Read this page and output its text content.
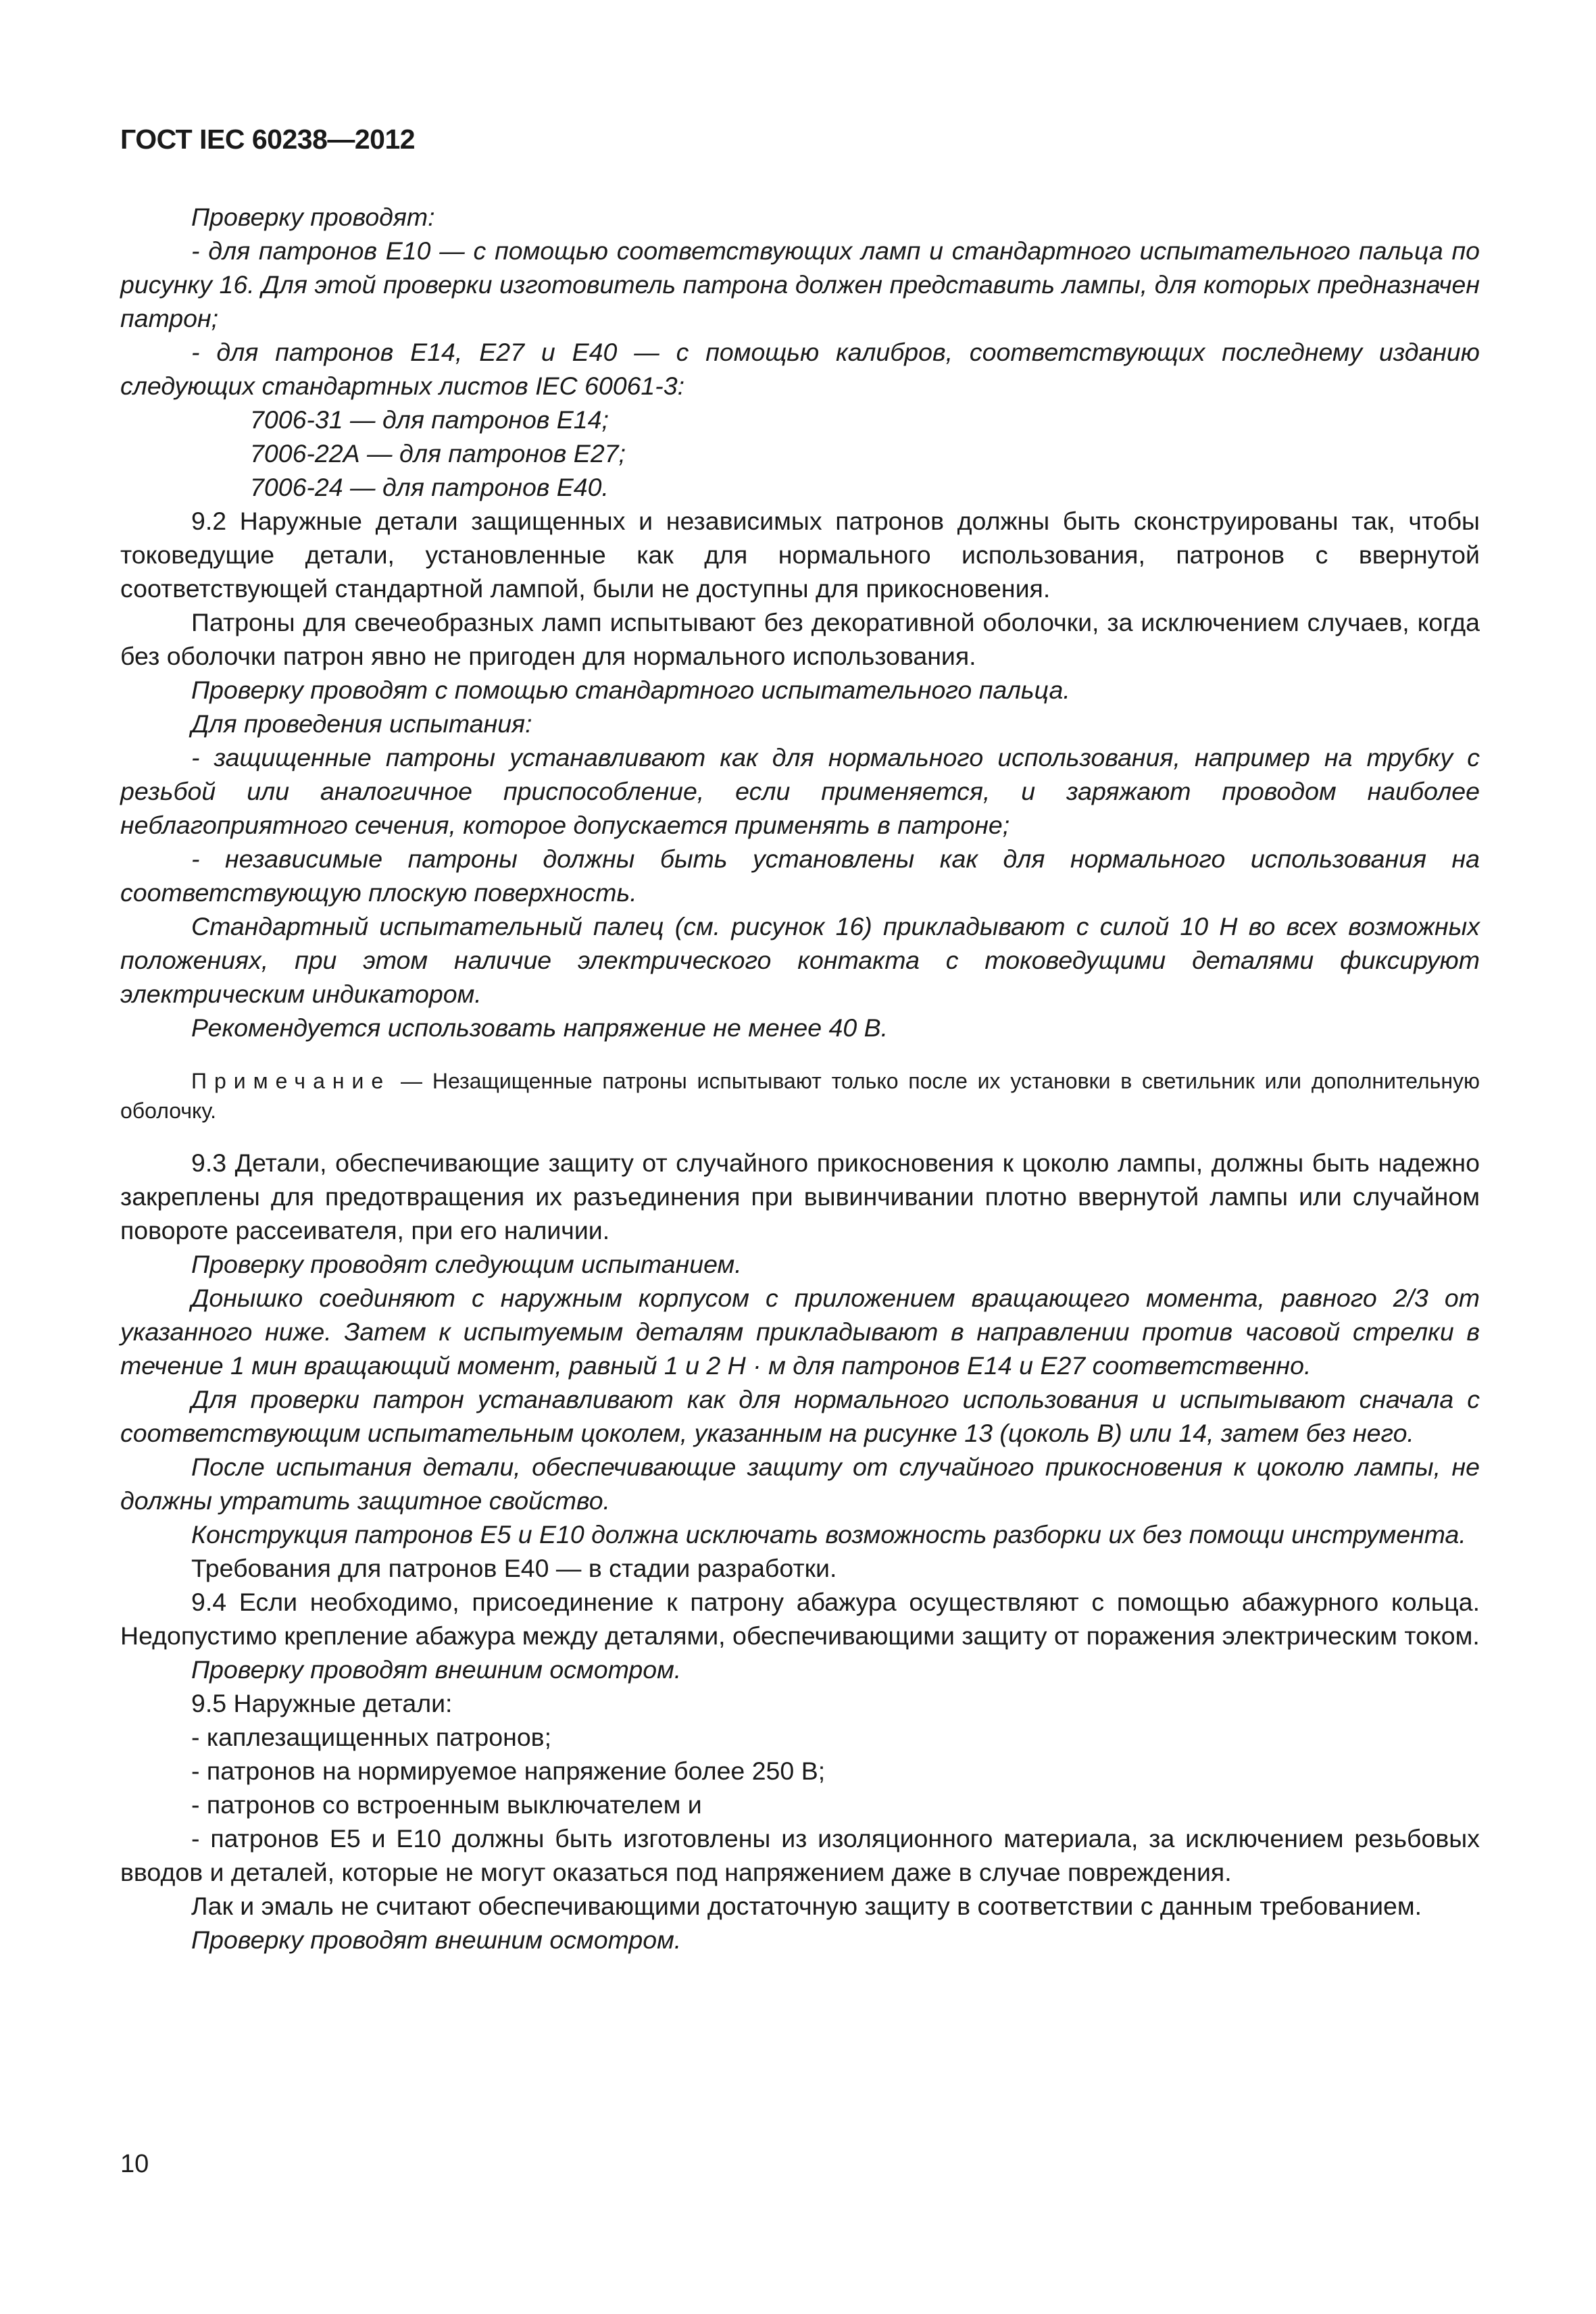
ГОСТ IEC 60238—2012

Проверку проводят:

- для патронов Е10 — с помощью соответствующих ламп и стандартного испытательного пальца по рисунку 16. Для этой проверки изготовитель патрона должен представить лампы, для которых предназначен патрон;

- для патронов Е14, Е27 и Е40 — с помощью калибров, соответствующих последнему изданию следующих стандартных листов IEC 60061-3:

7006-31 — для патронов Е14;

7006-22А — для патронов Е27;

7006-24 — для патронов Е40.

9.2 Наружные детали защищенных и независимых патронов должны быть сконструированы так, чтобы токоведущие детали, установленные как для нормального использования, патронов с ввернутой соответствующей стандартной лампой, были не доступны для прикосновения.

Патроны для свечеобразных ламп испытывают без декоративной оболочки, за исключением случаев, когда без оболочки патрон явно не пригоден для нормального использования.

Проверку проводят с помощью стандартного испытательного пальца.

Для проведения испытания:

- защищенные патроны устанавливают как для нормального использования, например на трубку с резьбой или аналогичное приспособление, если применяется, и заряжают проводом наиболее неблагоприятного сечения, которое допускается применять в патроне;

- независимые патроны должны быть установлены как для нормального использования на соответствующую плоскую поверхность.

Стандартный испытательный палец (см. рисунок 16) прикладывают с силой 10 Н во всех возможных положениях, при этом наличие электрического контакта с токоведущими деталями фиксируют электрическим индикатором.

Рекомендуется использовать напряжение не менее 40 В.

Примечание — Незащищенные патроны испытывают только после их установки в светильник или дополнительную оболочку.

9.3 Детали, обеспечивающие защиту от случайного прикосновения к цоколю лампы, должны быть надежно закреплены для предотвращения их разъединения при вывинчивании плотно ввернутой лампы или случайном повороте рассеивателя, при его наличии.

Проверку проводят следующим испытанием.

Донышко соединяют с наружным корпусом с приложением вращающего момента, равного 2/3 от указанного ниже. Затем к испытуемым деталям прикладывают в направлении против часовой стрелки в течение 1 мин вращающий момент, равный 1 и 2 Н · м для патронов Е14 и Е27 соответственно.

Для проверки патрон устанавливают как для нормального использования и испытывают сначала с соответствующим испытательным цоколем, указанным на рисунке 13 (цоколь В) или 14, затем без него.

После испытания детали, обеспечивающие защиту от случайного прикосновения к цоколю лампы, не должны утратить защитное свойство.

Конструкция патронов Е5 и Е10 должна исключать возможность разборки их без помощи инструмента.

Требования для патронов Е40 — в стадии разработки.

9.4 Если необходимо, присоединение к патрону абажура осуществляют с помощью абажурного кольца. Недопустимо крепление абажура между деталями, обеспечивающими защиту от поражения электрическим током.

Проверку проводят внешним осмотром.

9.5 Наружные детали:

- каплезащищенных патронов;

- патронов на нормируемое напряжение более 250 В;

- патронов со встроенным выключателем и

- патронов Е5 и Е10 должны быть изготовлены из изоляционного материала, за исключением резьбовых вводов и деталей, которые не могут оказаться под напряжением даже в случае повреждения.

Лак и эмаль не считают обеспечивающими достаточную защиту в соответствии с данным требованием.

Проверку проводят внешним осмотром.

10
